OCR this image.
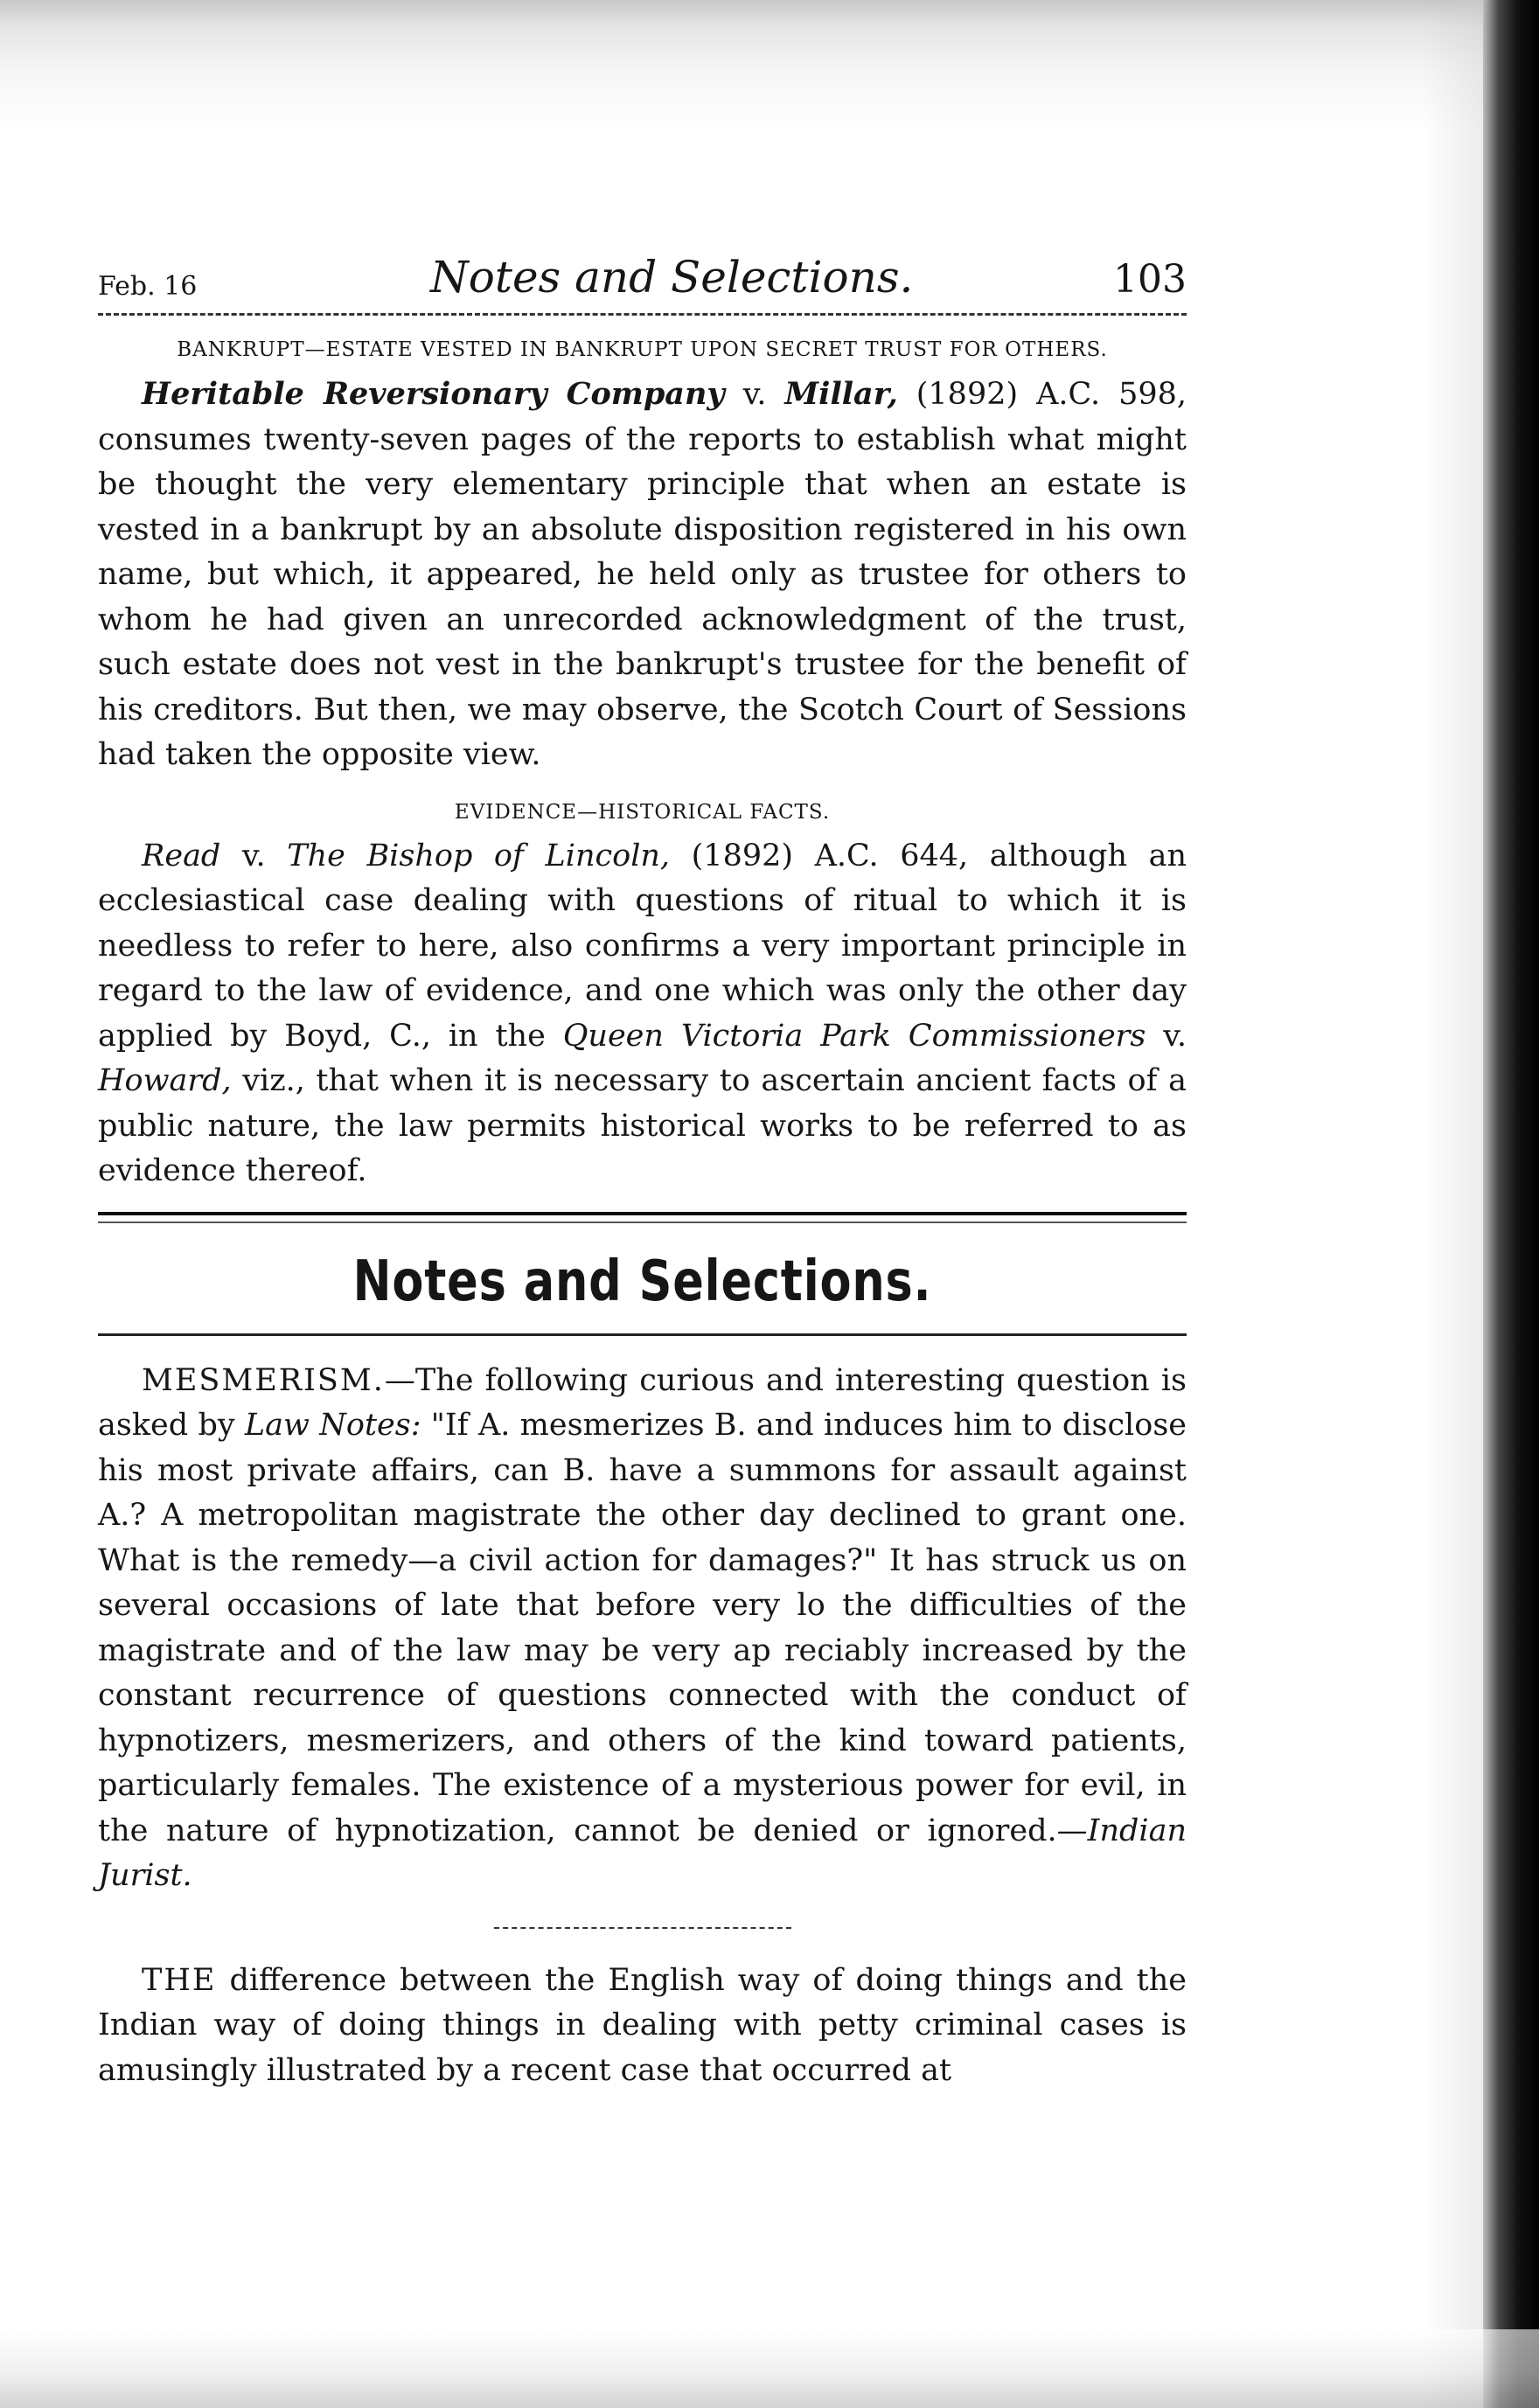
Feb. 16	Notes and Selections.	103
BANKRUPT—ESTATE VESTED IN BANKRUPT UPON SECRET TRUST FOR OTHERS.

Heritable Reversionary Company v. Millar, (1892) A.C. 598, consumes twenty-seven pages of the reports to establish what might be thought the very elementary principle that when an estate is vested in a bankrupt by an absolute disposition registered in his own name, but which, it appeared, he held only as trustee for others to whom he had given an unrecorded acknowledgment of the trust, such estate does not vest in the bankrupt's trustee for the benefit of his creditors. But then, we may observe, the Scotch Court of Sessions had taken the opposite view.

EVIDENCE—HISTORICAL FACTS.

Read v. The Bishop of Lincoln, (1892) A.C. 644, although an ecclesiastical case dealing with questions of ritual to which it is needless to refer to here, also confirms a very important principle in regard to the law of evidence, and one which was only the other day applied by Boyd, C., in the Queen Victoria Park Commissioners v. Howard, viz., that when it is necessary to ascertain ancient facts of a public nature, the law permits historical works to be referred to as evidence thereof.

Notes and Selections.

MESMERISM.—The following curious and interesting question is asked by Law Notes: "If A. mesmerizes B. and induces him to disclose his most private affairs, can B. have a summons for assault against A.? A metropolitan magistrate the other day declined to grant one. What is the remedy—a civil action for damages?" It has struck us on several occasions of late that before very lo the difficulties of the magistrate and of the law may be very ap reciably increased by the constant recurrence of questions connected with the conduct of hypnotizers, mesmerizers, and others of the kind toward patients, particularly females. The existence of a mysterious power for evil, in the nature of hypnotization, cannot be denied or ignored.—Indian Jurist.

THE difference between the English way of doing things and the Indian way of doing things in dealing with petty criminal cases is amusingly illustrated by a recent case that occurred at
